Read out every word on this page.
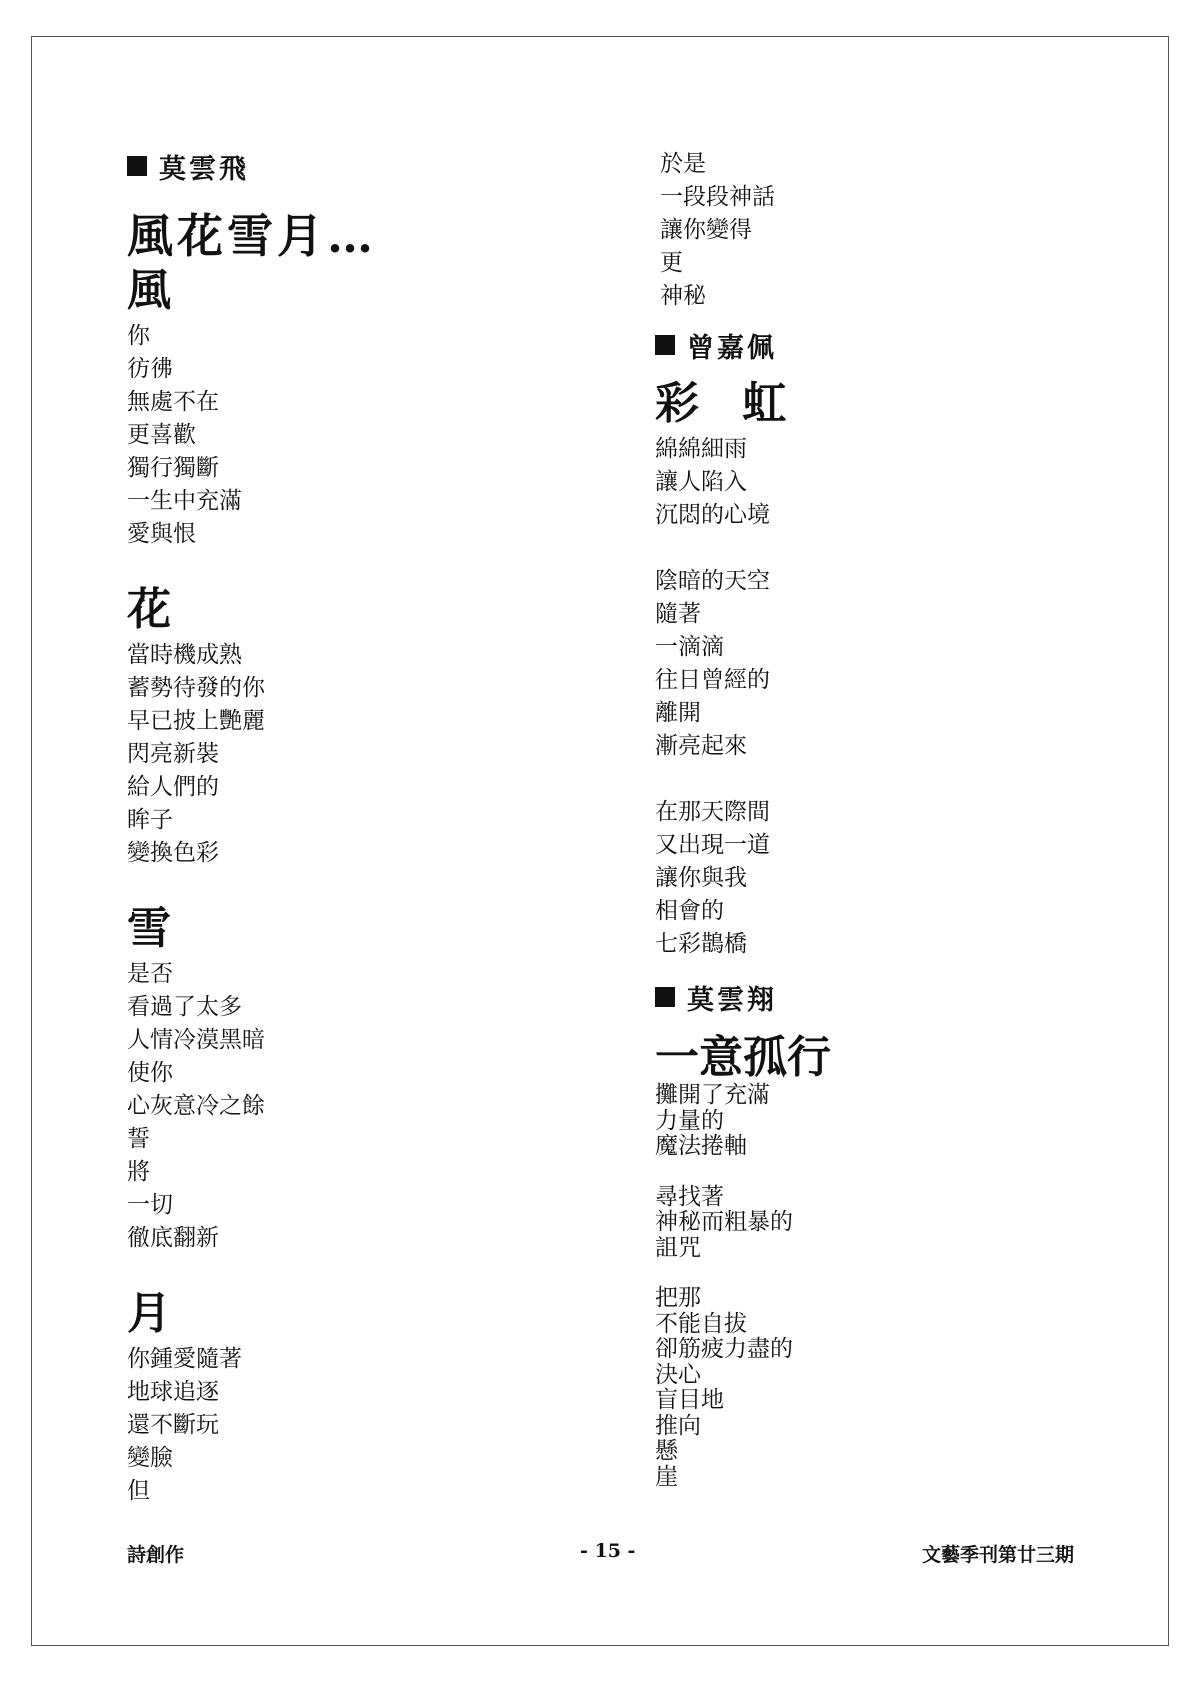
莫雲飛
風花雪月…
風
你
彷彿
無處不在
更喜歡
獨行獨斷
一生中充滿
愛與恨
花
當時機成熟
蓄勢待發的你
早已披上艷麗
閃亮新裝
給人們的
眸子
變換色彩
雪
是否
看過了太多
人情冷漠黑暗
使你
心灰意冷之餘
誓
將
一切
徹底翻新
月
你鍾愛隨著
地球追逐
還不斷玩
變臉
但
於是
一段段神話
讓你變得
更
神秘
曾嘉佩
彩 虹
綿綿細雨
讓人陷入
沉悶的心境
陰暗的天空
隨著
一滴滴
往日曾經的
離開
漸亮起來
在那天際間
又出現一道
讓你與我
相會的
七彩鵲橋
莫雲翔
一意孤行
攤開了充滿
力量的
魔法捲軸
尋找著
神秘而粗暴的
詛咒
把那
不能自拔
卻筋疲力盡的
決心
盲目地
推向
懸
崖
詩創作	- 15 -	文藝季刊第廿三期
